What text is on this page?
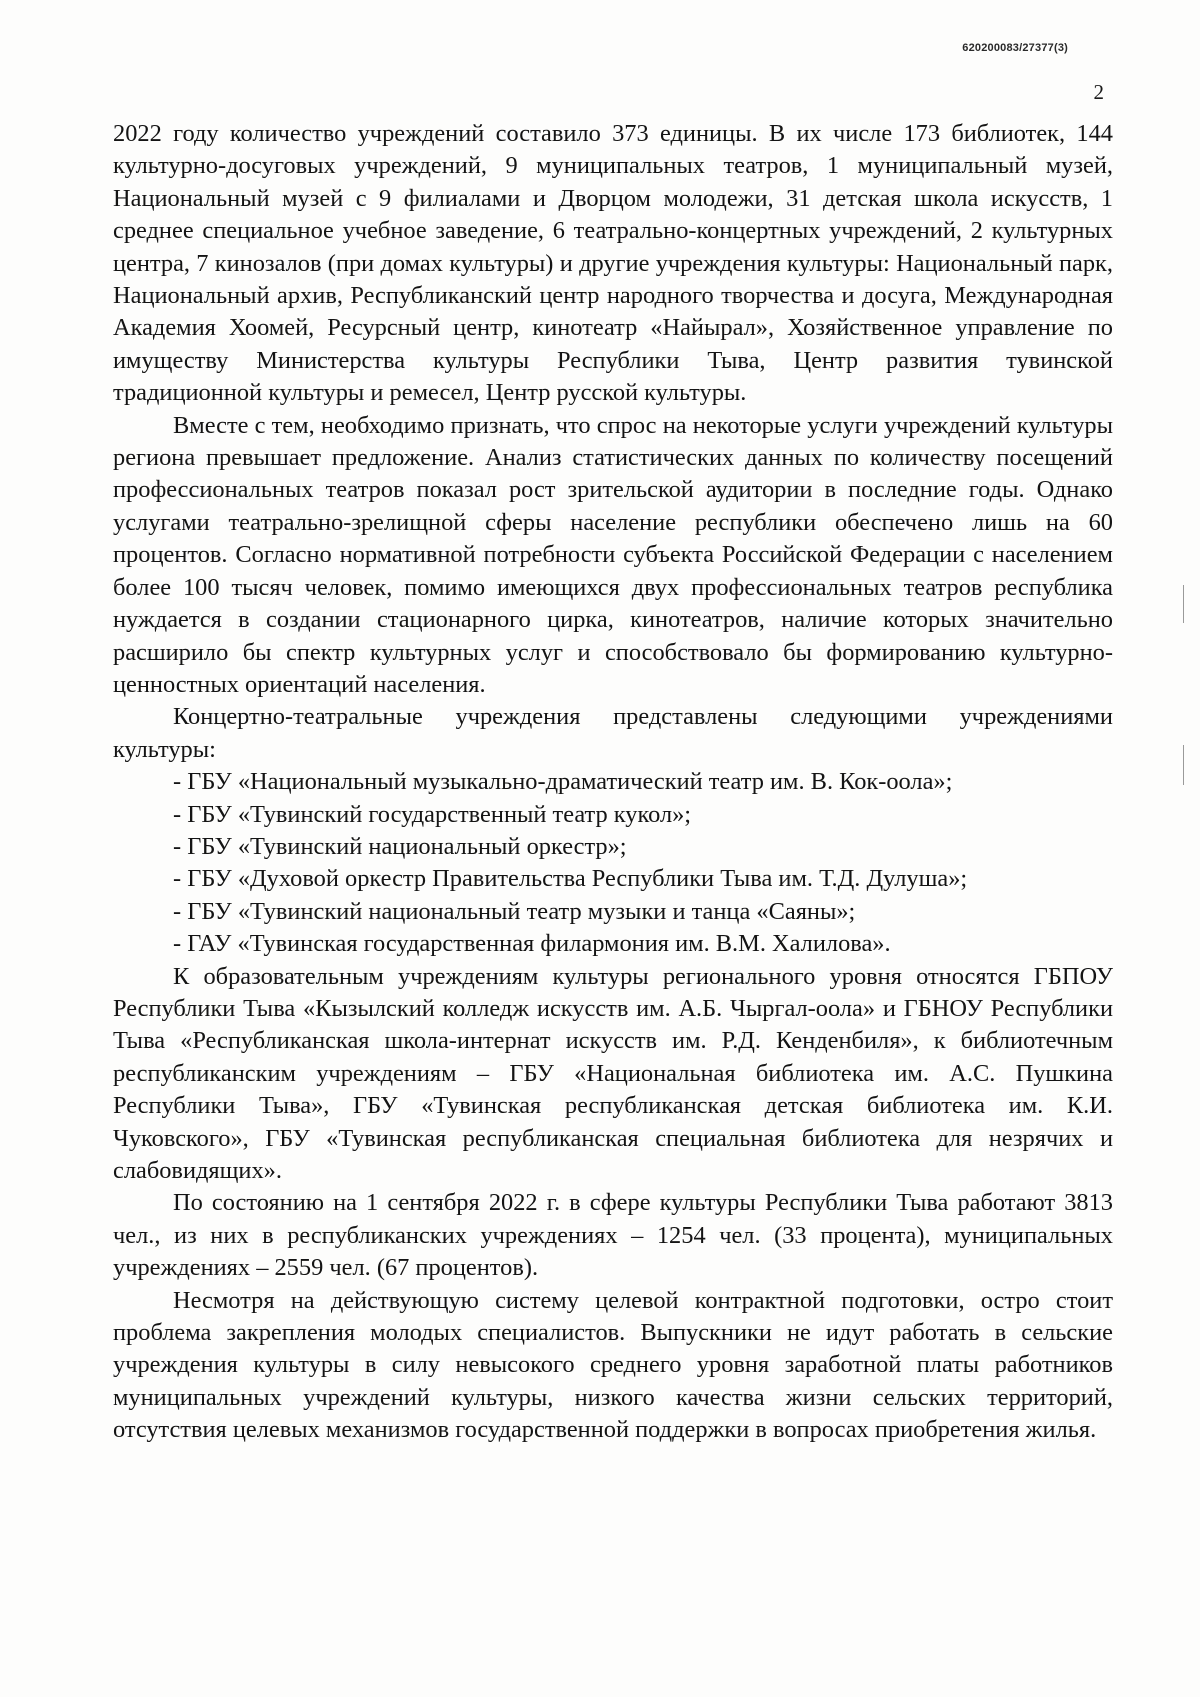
620200083/27377(3)
2

2022 году количество учреждений составило 373 единицы. В их числе 173 библиотек, 144 культурно-досуговых учреждений, 9 муниципальных театров, 1 муниципальный музей, Национальный музей с 9 филиалами и Дворцом молодежи, 31 детская школа искусств, 1 среднее специальное учебное заведение, 6 театрально-концертных учреждений, 2 культурных центра, 7 кинозалов (при домах культуры) и другие учреждения культуры: Национальный парк, Национальный архив, Республиканский центр народного творчества и досуга, Международная Академия Хоомей, Ресурсный центр, кинотеатр «Найырал», Хозяйственное управление по имуществу Министерства культуры Республики Тыва, Центр развития тувинской традиционной культуры и ремесел, Центр русской культуры.

Вместе с тем, необходимо признать, что спрос на некоторые услуги учреждений культуры региона превышает предложение. Анализ статистических данных по количеству посещений профессиональных театров показал рост зрительской аудитории в последние годы. Однако услугами театрально-зрелищной сферы население республики обеспечено лишь на 60 процентов. Согласно нормативной потребности субъекта Российской Федерации с населением более 100 тысяч человек, помимо имеющихся двух профессиональных театров республика нуждается в создании стационарного цирка, кинотеатров, наличие которых значительно расширило бы спектр культурных услуг и способствовало бы формированию культурно-ценностных ориентаций населения.

Концертно-театральные учреждения представлены следующими учреждениями культуры:

- ГБУ «Национальный музыкально-драматический театр им. В. Кок-оола»;
- ГБУ «Тувинский государственный театр кукол»;
- ГБУ «Тувинский национальный оркестр»;
- ГБУ «Духовой оркестр Правительства Республики Тыва им. Т.Д. Дулуша»;
- ГБУ «Тувинский национальный театр музыки и танца «Саяны»;
- ГАУ «Тувинская государственная филармония им. В.М. Халилова».

К образовательным учреждениям культуры регионального уровня относятся ГБПОУ Республики Тыва «Кызылский колледж искусств им. А.Б. Чыргал-оола» и ГБНОУ Республики Тыва «Республиканская школа-интернат искусств им. Р.Д. Кенденбиля», к библиотечным республиканским учреждениям – ГБУ «Национальная библиотека им. А.С. Пушкина Республики Тыва», ГБУ «Тувинская республиканская детская библиотека им. К.И. Чуковского», ГБУ «Тувинская республиканская специальная библиотека для незрячих и слабовидящих».

По состоянию на 1 сентября 2022 г. в сфере культуры Республики Тыва работают 3813 чел., из них в республиканских учреждениях – 1254 чел. (33 процента), муниципальных учреждениях – 2559 чел. (67 процентов).

Несмотря на действующую систему целевой контрактной подготовки, остро стоит проблема закрепления молодых специалистов. Выпускники не идут работать в сельские учреждения культуры в силу невысокого среднего уровня заработной платы работников муниципальных учреждений культуры, низкого качества жизни сельских территорий, отсутствия целевых механизмов государственной поддержки в вопросах приобретения жилья.
